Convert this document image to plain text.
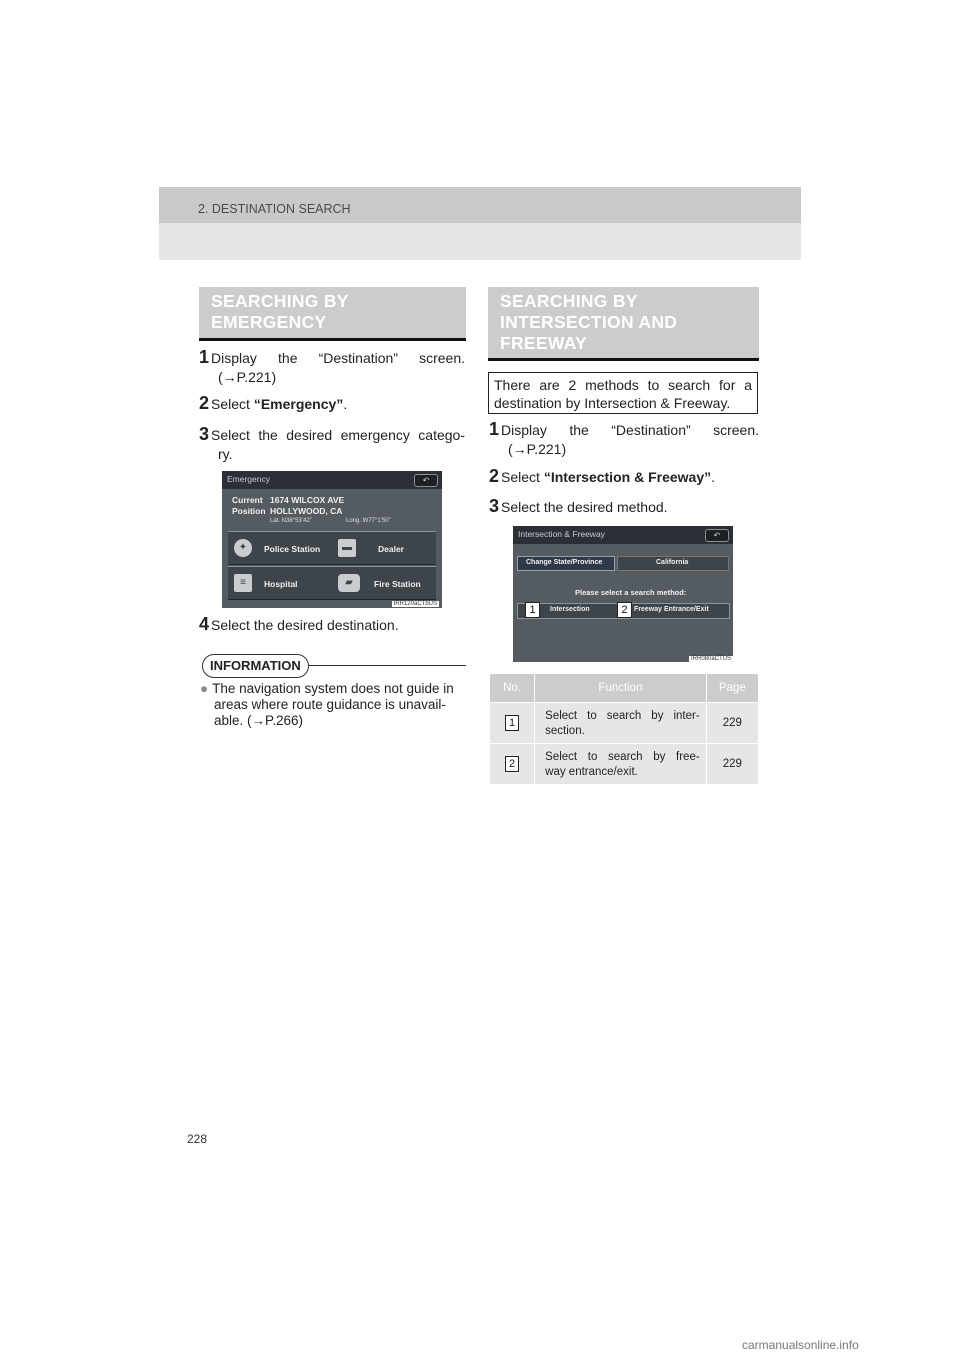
2. DESTINATION SEARCH
SEARCHING BY
EMERGENCY
1 Display the “Destination” screen.
(→P.221)
2 Select “Emergency”.
3 Select the desired emergency catego-
ry.
Emergency	↶
Current
Position
1674 WILCOX AVE
HOLLYWOOD, CA
Lat. N38°53’42”	Long. W77°1’50”
✦	Police Station	▬	Dealer
≡	Hospital	▰	Fire Station
IRR120aCTbUS
4 Select the desired destination.
INFORMATION
● The navigation system does not guide in
areas where route guidance is unavail-
able. (→P.266)
SEARCHING BY
INTERSECTION AND
FREEWAY
There are 2 methods to search for a
destination by Intersection & Freeway.
1 Display the “Destination” screen.
(→P.221)
2 Select “Intersection & Freeway”.
3 Select the desired method.
Intersection & Freeway	↶
Change State/Province	California
Please select a search method:
Intersection	Freeway Entrance/Exit
1	2
IRR080aCTUS
No.	Function	Page
1	Select to search by inter-
section.	229
2	Select to search by free-
way entrance/exit.	229
228
carmanualsonline.info
